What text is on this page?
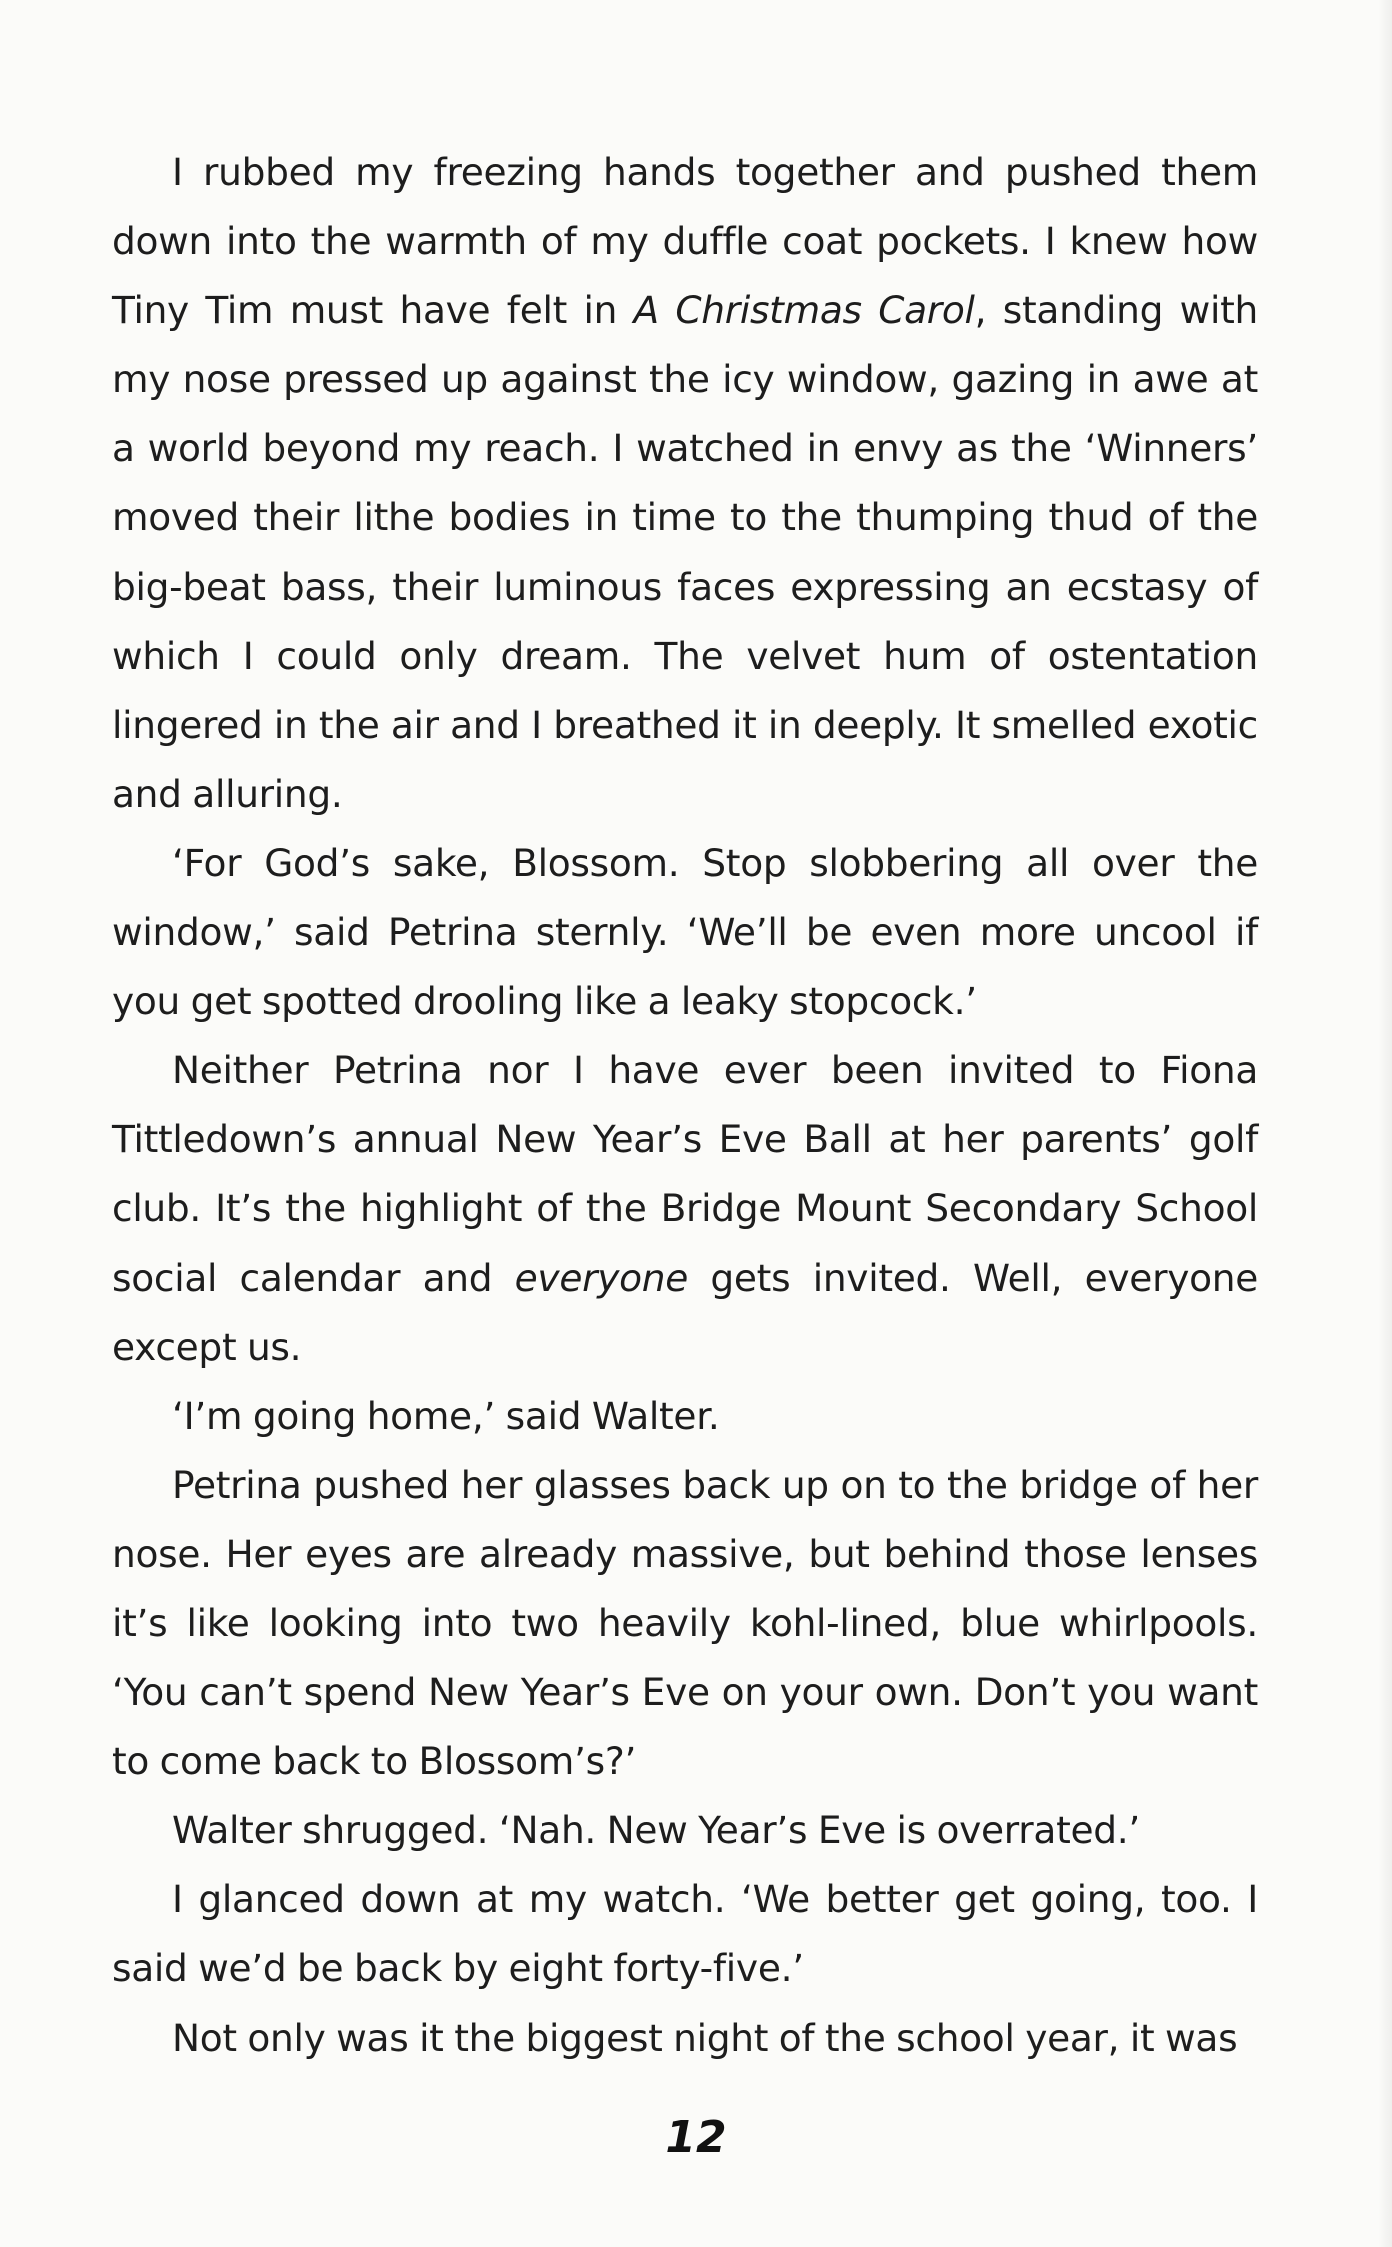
I rubbed my freezing hands together and pushed them down into the warmth of my duffle coat pockets. I knew how Tiny Tim must have felt in A Christmas Carol, standing with my nose pressed up against the icy window, gazing in awe at a world beyond my reach. I watched in envy as the ‘Winners’ moved their lithe bodies in time to the thumping thud of the big-beat bass, their luminous faces expressing an ecstasy of which I could only dream. The velvet hum of ostentation lingered in the air and I breathed it in deeply. It smelled exotic and alluring.

‘For God’s sake, Blossom. Stop slobbering all over the window,’ said Petrina sternly. ‘We’ll be even more uncool if you get spotted drooling like a leaky stopcock.’

Neither Petrina nor I have ever been invited to Fiona Tittledown’s annual New Year’s Eve Ball at her parents’ golf club. It’s the highlight of the Bridge Mount Secondary School social calendar and everyone gets invited. Well, everyone except us.

‘I’m going home,’ said Walter.

Petrina pushed her glasses back up on to the bridge of her nose. Her eyes are already massive, but behind those lenses it’s like looking into two heavily kohl-lined, blue whirlpools. ‘You can’t spend New Year’s Eve on your own. Don’t you want to come back to Blossom’s?’

Walter shrugged. ‘Nah. New Year’s Eve is overrated.’

I glanced down at my watch. ‘We better get going, too. I said we’d be back by eight forty-five.’

Not only was it the biggest night of the school year, it was

12
